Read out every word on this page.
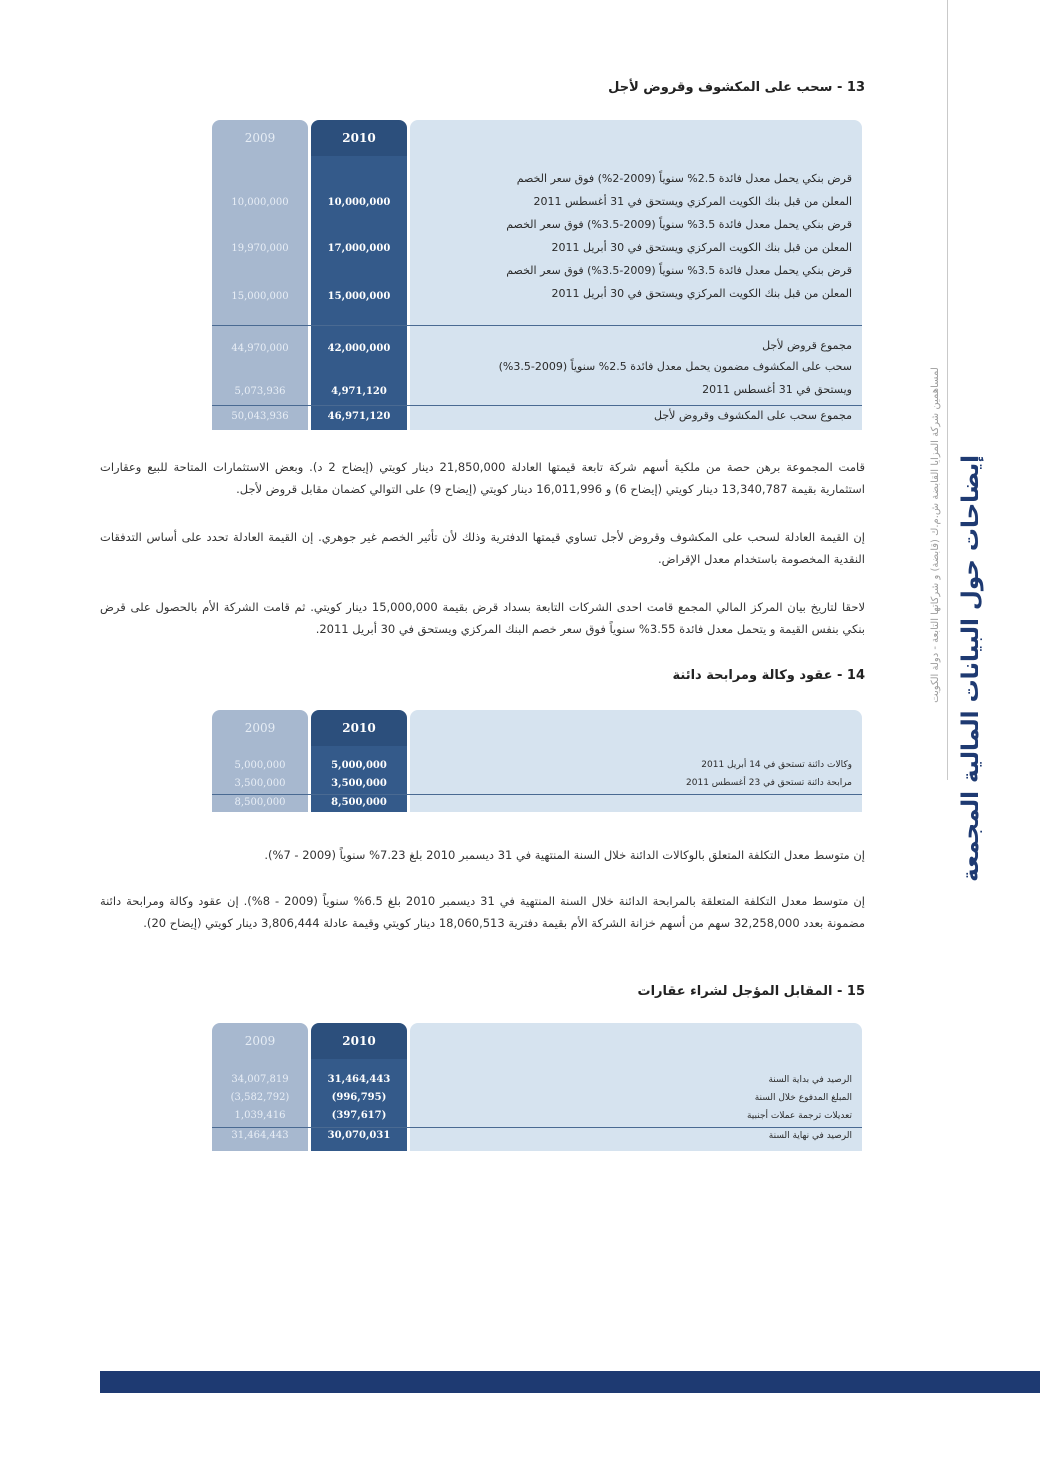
إيضاحات حول البيانات المالية المجمعة
لمساهمين شركة المزايا القابضة ش.م.ك (قابضة) و شركاتها التابعة - دولة الكويت
13 - سحب على المكشوف وقروض لأجل
2009	2010
قرض بنكي يحمل معدل فائدة 2.5% سنوياً (2009-2%) فوق سعر الخصم
المعلن من قبل بنك الكويت المركزي ويستحق في 31 أغسطس 2011
10,000,000	10,000,000
قرض بنكي يحمل معدل فائدة 3.5% سنوياً (2009-3.5%) فوق سعر الخصم
المعلن من قبل بنك الكويت المركزي ويستحق في 30 أبريل 2011
19,970,000	17,000,000
قرض بنكي يحمل معدل فائدة 3.5% سنوياً (2009-3.5%) فوق سعر الخصم
المعلن من قبل بنك الكويت المركزي ويستحق في 30 أبريل 2011
15,000,000	15,000,000
مجموع قروض لأجل
44,970,000	42,000,000
سحب على المكشوف مضمون يحمل معدل فائدة 2.5% سنوياً (2009-3.5%)
ويستحق في 31 أغسطس 2011
5,073,936	4,971,120
مجموع سحب على المكشوف وقروض لأجل
50,043,936	46,971,120
قامت المجموعة برهن حصة من ملكية أسهم شركة تابعة قيمتها العادلة 21,850,000 دينار كويتي (إيضاح 2 د). وبعض الاستثمارات المتاحة للبيع وعقارات استثمارية بقيمة 13,340,787 دينار كويتي (إيضاح 6) و 16,011,996 دينار كويتي (إيضاح 9) على التوالي كضمان مقابل قروض لأجل.
إن القيمة العادلة لسحب على المكشوف وقروض لأجل تساوي قيمتها الدفترية وذلك لأن تأثير الخصم غير جوهري. إن القيمة العادلة تحدد على أساس التدفقات النقدية المخصومة باستخدام معدل الإقراض.
لاحقا لتاريخ بيان المركز المالي المجمع قامت احدى الشركات التابعة بسداد قرض بقيمة 15,000,000 دينار كويتي. ثم قامت الشركة الأم بالحصول على قرض بنكي بنفس القيمة و يتحمل معدل فائدة 3.55% سنوياً فوق سعر خصم البنك المركزي ويستحق في 30 أبريل 2011.
14 - عقود وكالة ومرابحة دائنة
2009	2010
وكالات دائنة تستحق في 14 أبريل 2011
5,000,000	5,000,000
مرابحة دائنة تستحق في 23 أغسطس 2011
3,500,000	3,500,000
8,500,000	8,500,000
إن متوسط معدل التكلفة المتعلق بالوكالات الدائنة خلال السنة المنتهية في 31 ديسمبر 2010 بلغ 7.23% سنوياً (2009 - 7%).
إن متوسط معدل التكلفة المتعلقة بالمرابحة الدائنة خلال السنة المنتهية في 31 ديسمبر 2010 بلغ 6.5% سنوياً (2009 - 8%). إن عقود وكالة ومرابحة دائنة مضمونة بعدد 32,258,000 سهم من أسهم خزانة الشركة الأم بقيمة دفترية 18,060,513 دينار كويتي وقيمة عادلة 3,806,444 دينار كويتي (إيضاح 20).
15 - المقابل المؤجل لشراء عقارات
2009	2010
الرصيد في بداية السنة
34,007,819	31,464,443
المبلغ المدفوع خلال السنة
(3,582,792)	(996,795)
تعديلات ترجمة عملات أجنبية
1,039,416	(397,617)
الرصيد في نهاية السنة
31,464,443	30,070,031
